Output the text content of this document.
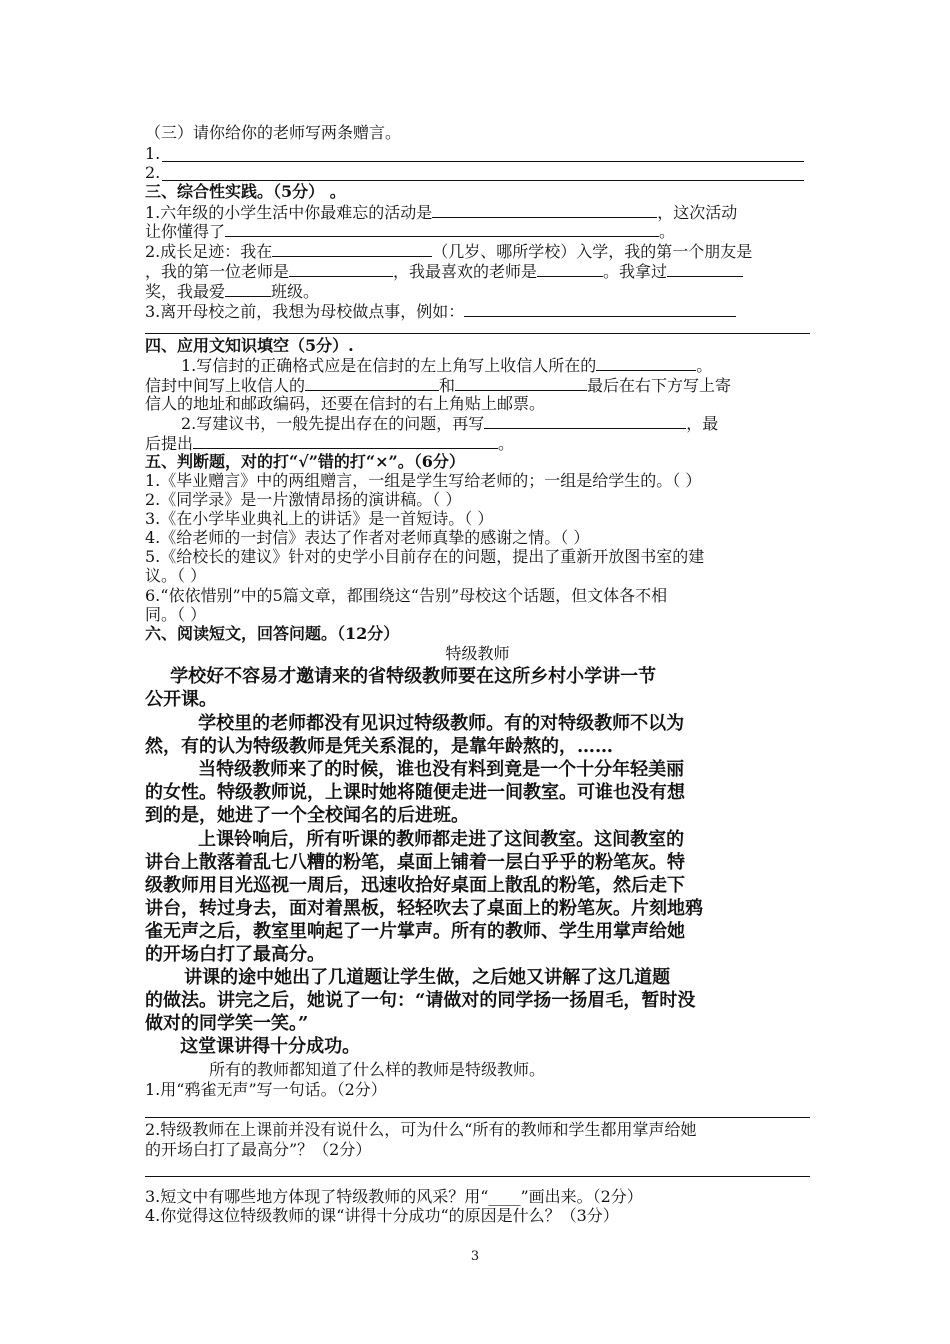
（三）请你给你的老师写两条赠言。
1.
2.
三、综合性实践。（5分） 。
1.六年级的小学生活中你最难忘的活动是	，这次活动
让你懂得了	。
2.成长足迹：我在	（几岁、哪所学校）入学，我的第一个朋友是
，我的第一位老师是	，我最喜欢的老师是	。我拿过
奖，我最爱	班级。
3.离开母校之前，我想为母校做点事，例如：
四、应用文知识填空（5分）.
1.写信封的正确格式应是在信封的左上角写上收信人所在的	。
信封中间写上收信人的	和	最后在右下方写上寄
信人的地址和邮政编码，还要在信封的右上角贴上邮票。
2.写建议书，一般先提出存在的问题，再写	，最
后提出	。
五、判断题，对的打“√”错的打“×”。（6分）
1.《毕业赠言》中的两组赠言，一组是学生写给老师的；一组是给学生的。（ ）
2.《同学录》是一片激情昂扬的演讲稿。（ ）
3.《在小学毕业典礼上的讲话》是一首短诗。（ ）
4.《给老师的一封信》表达了作者对老师真挚的感谢之情。（ ）
5.《给校长的建议》针对的史学小目前存在的问题，提出了重新开放图书室的建
议。（ ）
6.“依依惜别”中的5篇文章，都围绕这“告别”母校这个话题，但文体各不相
同。（ ）
六、阅读短文，回答问题。（12分）
特级教师
学校好不容易才邀请来的省特级教师要在这所乡村小学讲一节
公开课。
学校里的老师都没有见识过特级教师。有的对特级教师不以为
然，有的认为特级教师是凭关系混的，是靠年龄熬的，……
当特级教师来了的时候，谁也没有料到竟是一个十分年轻美丽
的女性。特级教师说，上课时她将随便走进一间教室。可谁也没有想
到的是，她进了一个全校闻名的后进班。
上课铃响后，所有听课的教师都走进了这间教室。这间教室的
讲台上散落着乱七八糟的粉笔，桌面上铺着一层白乎乎的粉笔灰。特
级教师用目光巡视一周后，迅速收拾好桌面上散乱的粉笔，然后走下
讲台，转过身去，面对着黑板，轻轻吹去了桌面上的粉笔灰。片刻地鸦
雀无声之后，教室里响起了一片掌声。所有的教师、学生用掌声给她
的开场白打了最高分。
讲课的途中她出了几道题让学生做，之后她又讲解了这几道题
的做法。讲完之后，她说了一句：“请做对的同学扬一扬眉毛，暂时没
做对的同学笑一笑。”
这堂课讲得十分成功。
所有的教师都知道了什么样的教师是特级教师。
1.用“鸦雀无声”写一句话。（2分）
2.特级教师在上课前并没有说什么，可为什么“所有的教师和学生都用掌声给她
的开场白打了最高分”？（2分）
3.短文中有哪些地方体现了特级教师的风采？用“____”画出来。（2分）
4.你觉得这位特级教师的课“讲得十分成功“的原因是什么？（3分）
3
